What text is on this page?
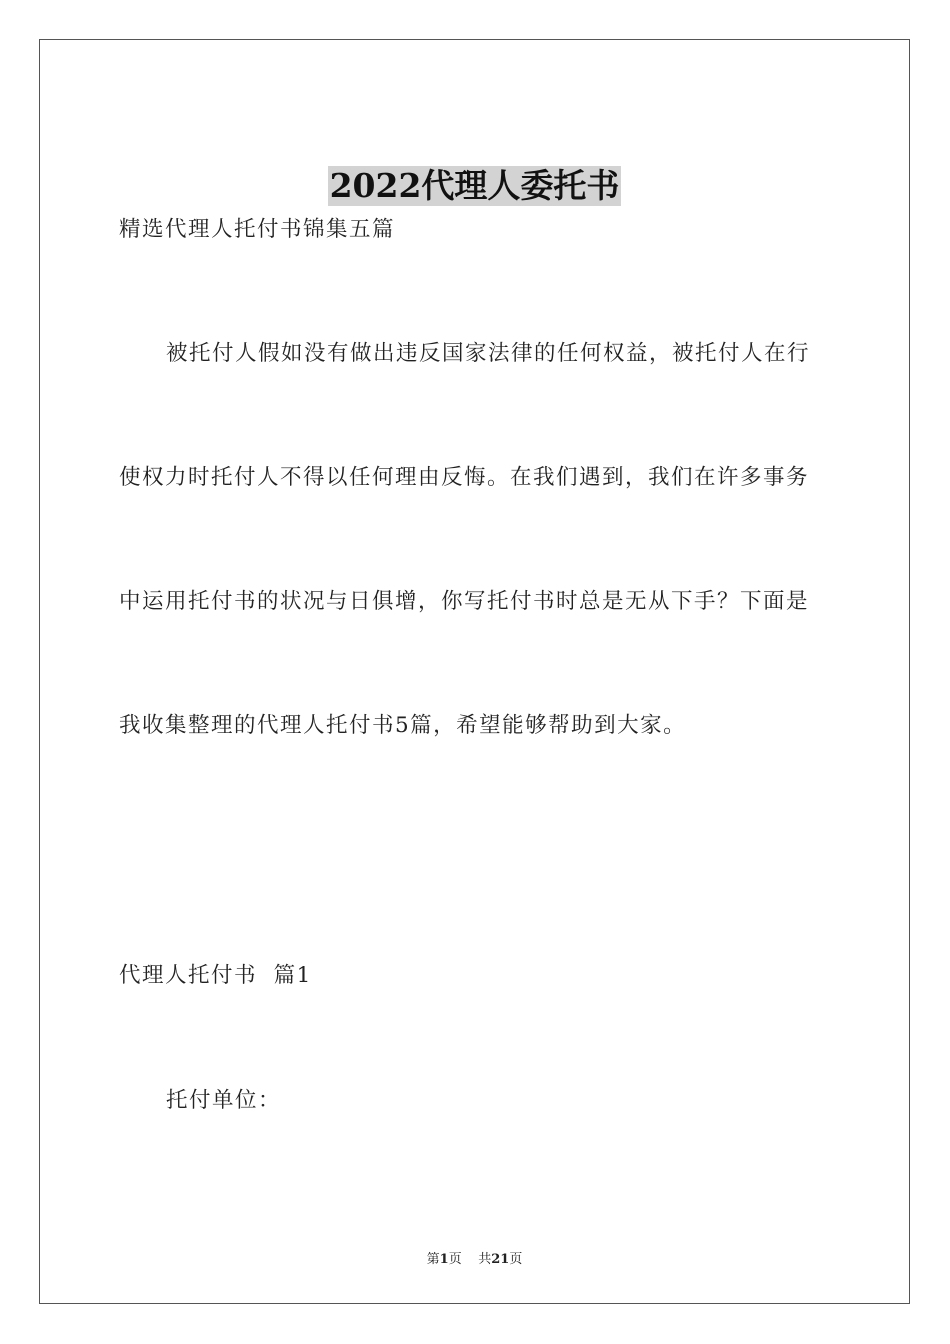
2022代理人委托书
精选代理人托付书锦集五篇
被托付人假如没有做出违反国家法律的任何权益，被托付人在行
使权力时托付人不得以任何理由反悔。在我们遇到，我们在许多事务
中运用托付书的状况与日俱增，你写托付书时总是无从下手？下面是
我收集整理的代理人托付书5篇，希望能够帮助到大家。
代理人托付书  篇1
托付单位：
第1页    共21页
